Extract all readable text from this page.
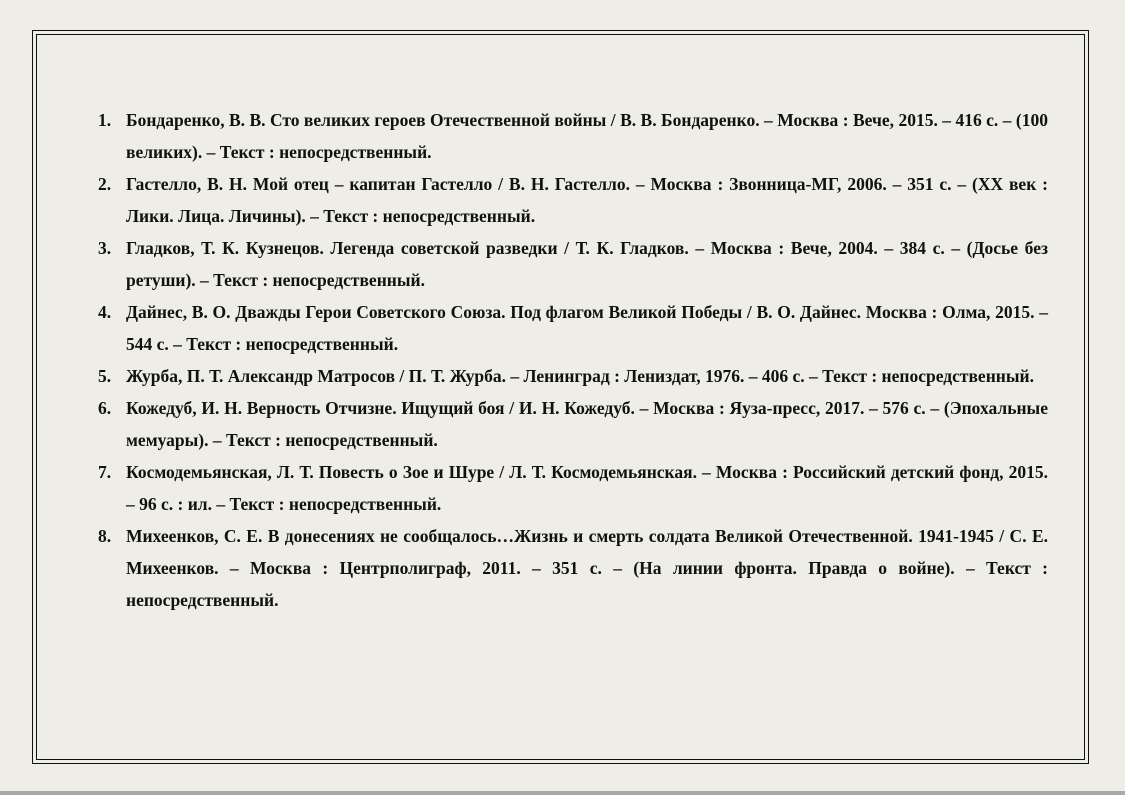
1. Бондаренко, В. В. Сто великих героев Отечественной войны / В. В. Бондаренко. – Москва : Вече, 2015. – 416 с. – (100 великих). – Текст : непосредственный.
2. Гастелло, В. Н. Мой отец – капитан Гастелло / В. Н. Гастелло. – Москва : Звонница-МГ, 2006. – 351 с. – (XX век : Лики. Лица. Личины). – Текст : непосредственный.
3. Гладков, Т. К. Кузнецов. Легенда советской разведки / Т. К. Гладков. – Москва : Вече, 2004. – 384 с. – (Досье без ретуши). – Текст : непосредственный.
4. Дайнес, В. О. Дважды Герои Советского Союза. Под флагом Великой Победы / В. О. Дайнес. Москва : Олма, 2015. – 544 с. – Текст : непосредственный.
5. Журба, П. Т. Александр Матросов / П. Т. Журба. – Ленинград : Лениздат, 1976. – 406 с. – Текст : непосредственный.
6. Кожедуб, И. Н. Верность Отчизне. Ищущий боя / И. Н. Кожедуб. – Москва : Яуза-пресс, 2017. – 576 с. – (Эпохальные мемуары). – Текст : непосредственный.
7. Космодемьянская, Л. Т. Повесть о Зое и Шуре / Л. Т. Космодемьянская. – Москва : Российский детский фонд, 2015. – 96 с. : ил. – Текст : непосредственный.
8. Михеенков, С. Е. В донесениях не сообщалось…Жизнь и смерть солдата Великой Отечественной. 1941-1945 / С. Е. Михеенков. – Москва : Центрполиграф, 2011. – 351 с. – (На линии фронта. Правда о войне). – Текст : непосредственный.
